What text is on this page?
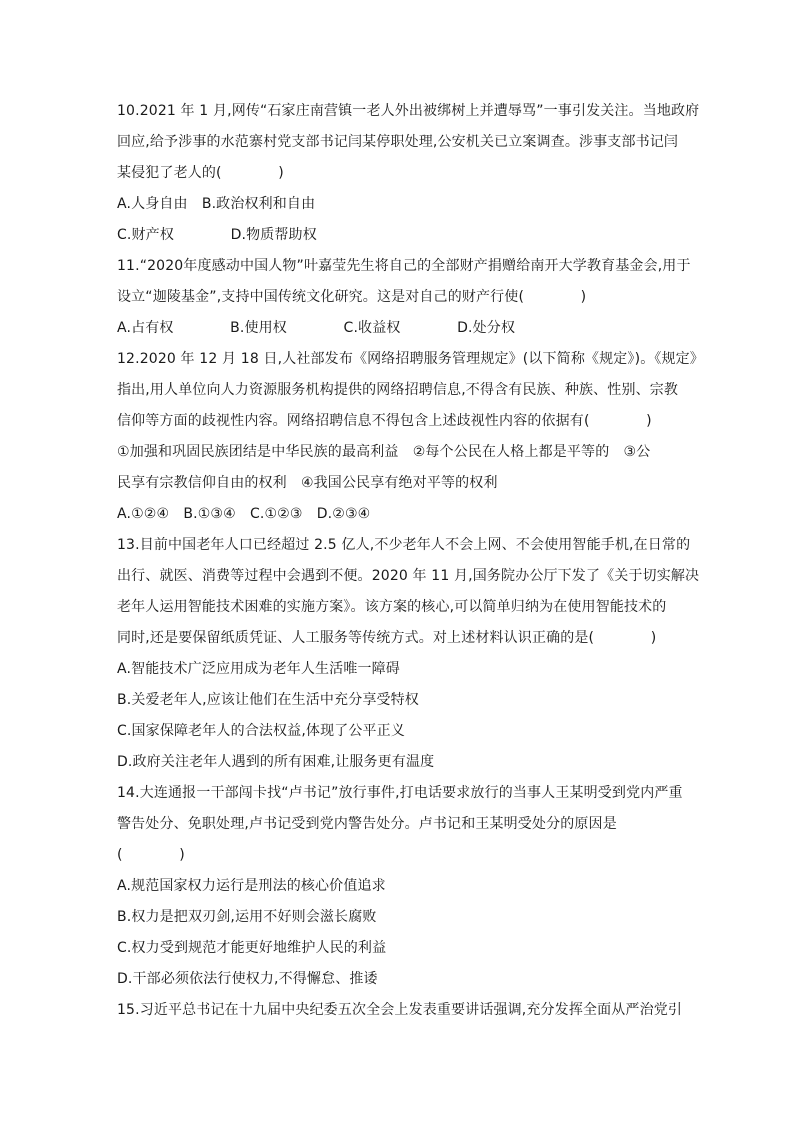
10.2021 年 1 月,网传“石家庄南营镇一老人外出被绑树上并遭辱骂”一事引发关注。当地政府
回应,给予涉事的水范寨村党支部书记闫某停职处理,公安机关已立案调查。涉事支部书记闫
某侵犯了老人的(　　　　)
A.人身自由　B.政治权利和自由
C.财产权　　　　D.物质帮助权
11.“2020年度感动中国人物”叶嘉莹先生将自己的全部财产捐赠给南开大学教育基金会,用于
设立“迦陵基金”,支持中国传统文化研究。这是对自己的财产行使(　　　　)
A.占有权　　　　B.使用权　　　　C.收益权　　　　D.处分权
12.2020 年 12 月 18 日,人社部发布《网络招聘服务管理规定》(以下简称《规定》)。《规定》
指出,用人单位向人力资源服务机构提供的网络招聘信息,不得含有民族、种族、性别、宗教
信仰等方面的歧视性内容。网络招聘信息不得包含上述歧视性内容的依据有(　　　　)
①加强和巩固民族团结是中华民族的最高利益　②每个公民在人格上都是平等的　③公
民享有宗教信仰自由的权利　④我国公民享有绝对平等的权利
A.①②④　B.①③④　C.①②③　D.②③④
13.目前中国老年人口已经超过 2.5 亿人,不少老年人不会上网、不会使用智能手机,在日常的
出行、就医、消费等过程中会遇到不便。2020 年 11 月,国务院办公厅下发了《关于切实解决
老年人运用智能技术困难的实施方案》。该方案的核心,可以简单归纳为在使用智能技术的
同时,还是要保留纸质凭证、人工服务等传统方式。对上述材料认识正确的是(　　　　)
A.智能技术广泛应用成为老年人生活唯一障碍
B.关爱老年人,应该让他们在生活中充分享受特权
C.国家保障老年人的合法权益,体现了公平正义
D.政府关注老年人遇到的所有困难,让服务更有温度
14.大连通报一干部闯卡找“卢书记”放行事件,打电话要求放行的当事人王某明受到党内严重
警告处分、免职处理,卢书记受到党内警告处分。卢书记和王某明受处分的原因是
(　　　　)
A.规范国家权力运行是刑法的核心价值追求
B.权力是把双刃剑,运用不好则会滋长腐败
C.权力受到规范才能更好地维护人民的利益
D.干部必须依法行使权力,不得懈怠、推诿
15.习近平总书记在十九届中央纪委五次全会上发表重要讲话强调,充分发挥全面从严治党引
